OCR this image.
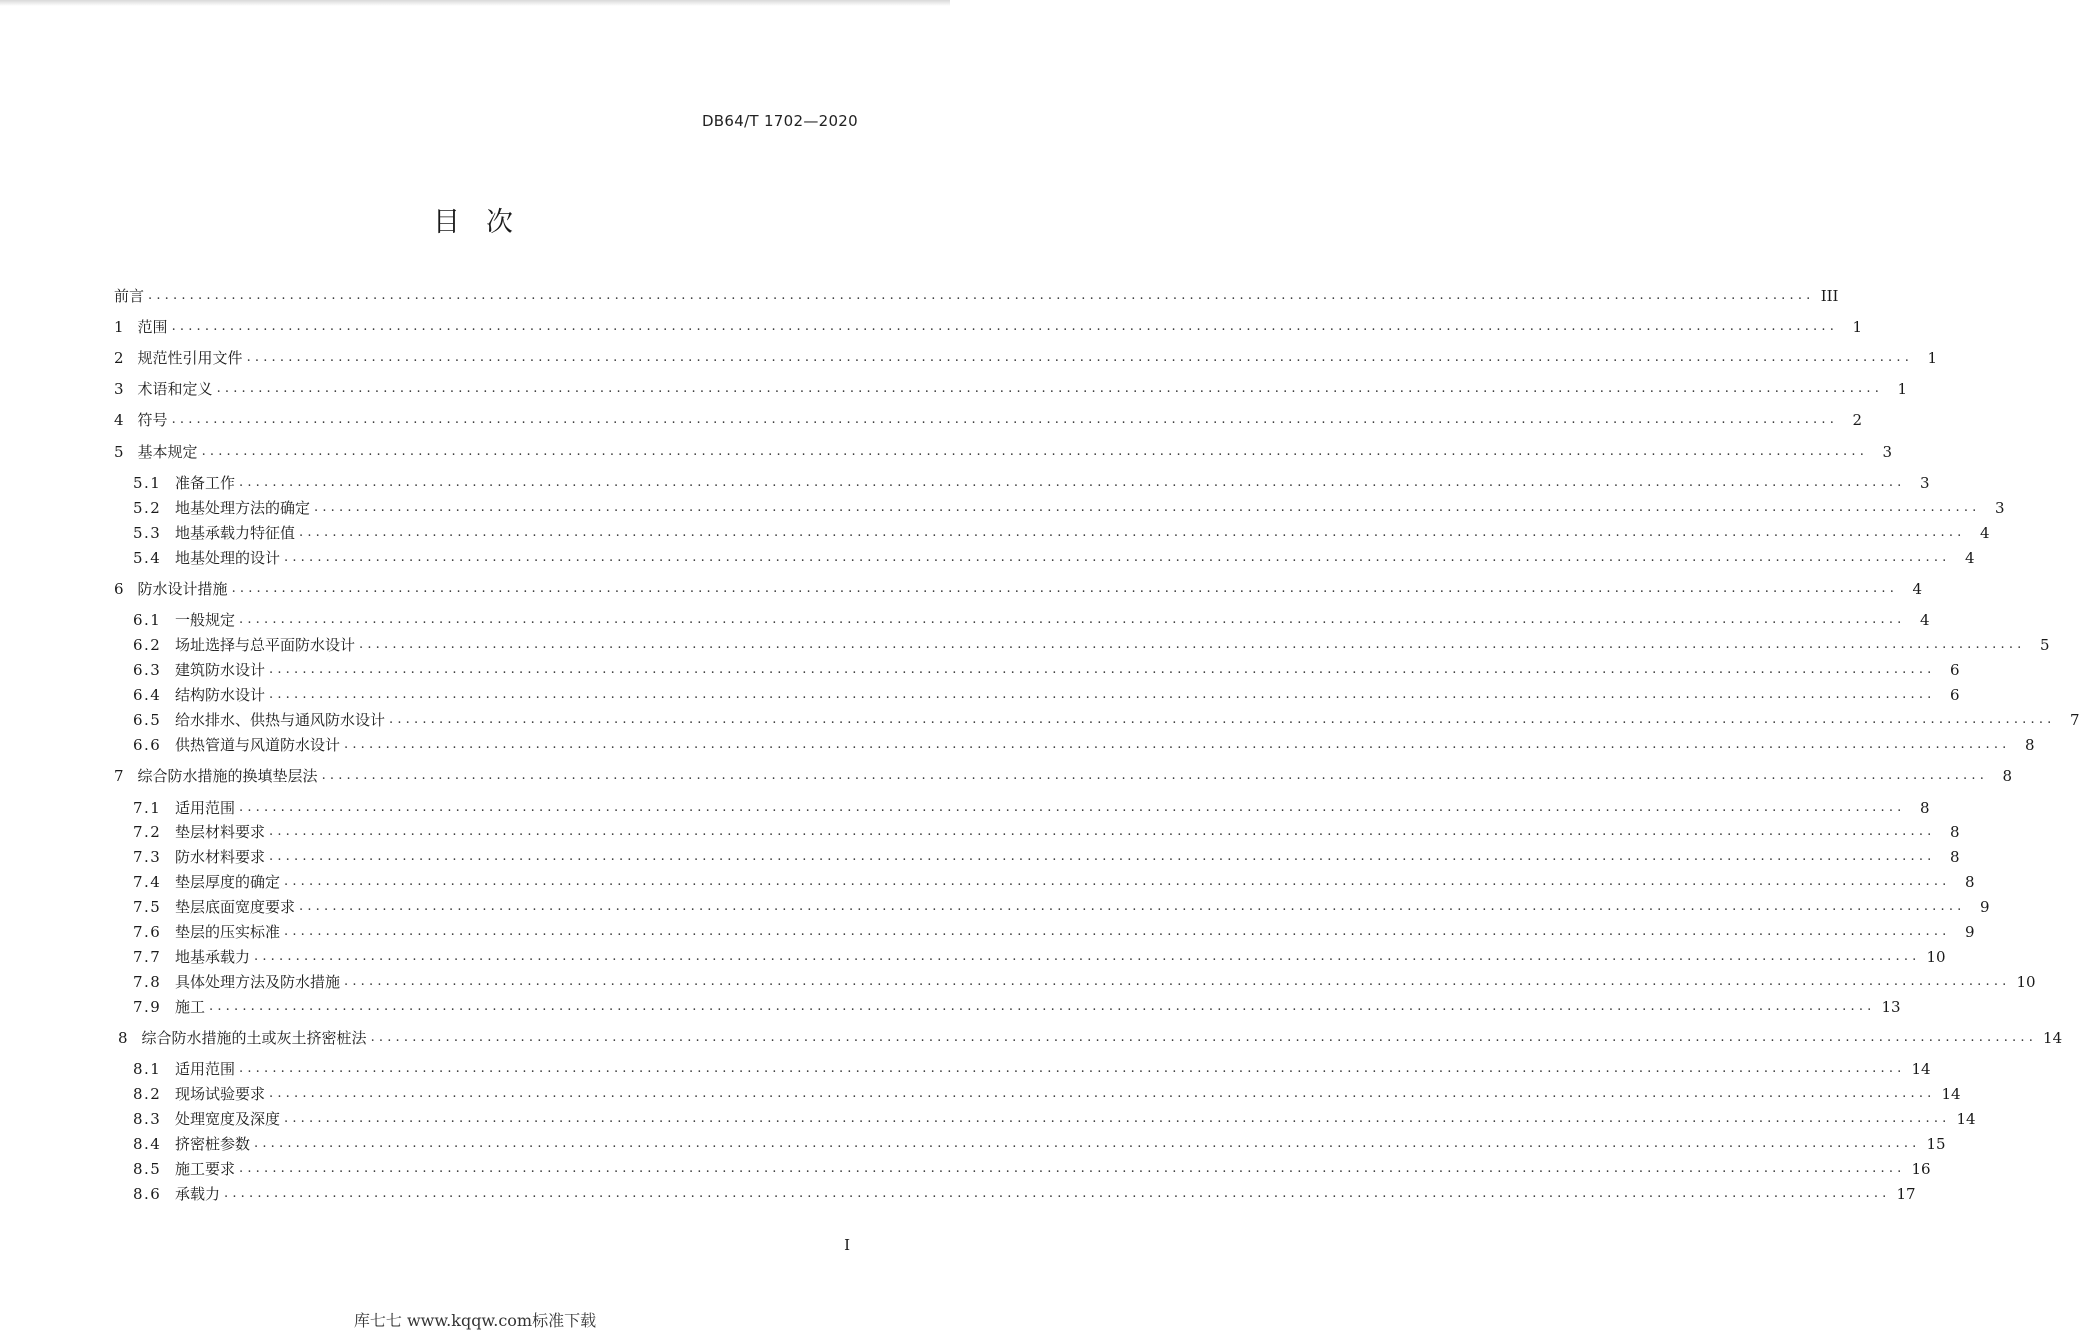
DB64/T 1702—2020
目次
前言 ........................................................................................................................................................................................................ III
1 范围 ........................................................................................................................................................................................................ 1
2 规范性引用文件 ........................................................................................................................................................................................................ 1
3 术语和定义 ........................................................................................................................................................................................................ 1
4 符号 ........................................................................................................................................................................................................ 2
5 基本规定 ........................................................................................................................................................................................................ 3
5.1 准备工作 ........................................................................................................................................................................................................ 3
5.2 地基处理方法的确定 ........................................................................................................................................................................................................ 3
5.3 地基承载力特征值 ........................................................................................................................................................................................................ 4
5.4 地基处理的设计 ........................................................................................................................................................................................................ 4
6 防水设计措施 ........................................................................................................................................................................................................ 4
6.1 一般规定 ........................................................................................................................................................................................................ 4
6.2 场址选择与总平面防水设计 ........................................................................................................................................................................................................ 5
6.3 建筑防水设计 ........................................................................................................................................................................................................ 6
6.4 结构防水设计 ........................................................................................................................................................................................................ 6
6.5 给水排水、供热与通风防水设计 ........................................................................................................................................................................................................ 7
6.6 供热管道与风道防水设计 ........................................................................................................................................................................................................ 8
7 综合防水措施的换填垫层法 ........................................................................................................................................................................................................ 8
7.1 适用范围 ........................................................................................................................................................................................................ 8
7.2 垫层材料要求 ........................................................................................................................................................................................................ 8
7.3 防水材料要求 ........................................................................................................................................................................................................ 8
7.4 垫层厚度的确定 ........................................................................................................................................................................................................ 8
7.5 垫层底面宽度要求 ........................................................................................................................................................................................................ 9
7.6 垫层的压实标准 ........................................................................................................................................................................................................ 9
7.7 地基承载力 ........................................................................................................................................................................................................ 10
7.8 具体处理方法及防水措施 ........................................................................................................................................................................................................ 10
7.9 施工 ........................................................................................................................................................................................................ 13
8 综合防水措施的土或灰土挤密桩法 ........................................................................................................................................................................................................ 14
8.1 适用范围 ........................................................................................................................................................................................................ 14
8.2 现场试验要求 ........................................................................................................................................................................................................ 14
8.3 处理宽度及深度 ........................................................................................................................................................................................................ 14
8.4 挤密桩参数 ........................................................................................................................................................................................................ 15
8.5 施工要求 ........................................................................................................................................................................................................ 16
8.6 承载力 ........................................................................................................................................................................................................ 17
I
库七七 www.kqqw.com标准下载
